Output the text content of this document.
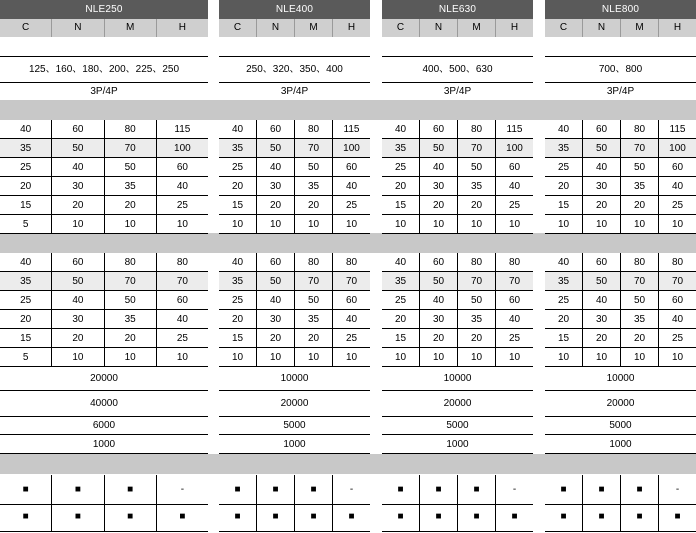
NLE250
C	N	M	H
125、160、180、200、225、250
3P/4P
40	60	80	115
35	50	70	100
25	40	50	60
20	30	35	40
15	20	20	25
5	10	10	10
40	60	80	80
35	50	70	70
25	40	50	60
20	30	35	40
15	20	20	25
5	10	10	10
20000
40000
6000
1000
■	■	■	-
■	■	■	■
NLE400
C	N	M	H
250、320、350、400
3P/4P
40	60	80	115
35	50	70	100
25	40	50	60
20	30	35	40
15	20	20	25
10	10	10	10
40	60	80	80
35	50	70	70
25	40	50	60
20	30	35	40
15	20	20	25
10	10	10	10
10000
20000
5000
1000
■	■	■	-
■	■	■	■
NLE630
C	N	M	H
400、500、630
3P/4P
40	60	80	115
35	50	70	100
25	40	50	60
20	30	35	40
15	20	20	25
10	10	10	10
40	60	80	80
35	50	70	70
25	40	50	60
20	30	35	40
15	20	20	25
10	10	10	10
10000
20000
5000
1000
■	■	■	-
■	■	■	■
NLE800
C	N	M	H
700、800
3P/4P
40	60	80	115
35	50	70	100
25	40	50	60
20	30	35	40
15	20	20	25
10	10	10	10
40	60	80	80
35	50	70	70
25	40	50	60
20	30	35	40
15	20	20	25
10	10	10	10
10000
20000
5000
1000
■	■	■	-
■	■	■	■
